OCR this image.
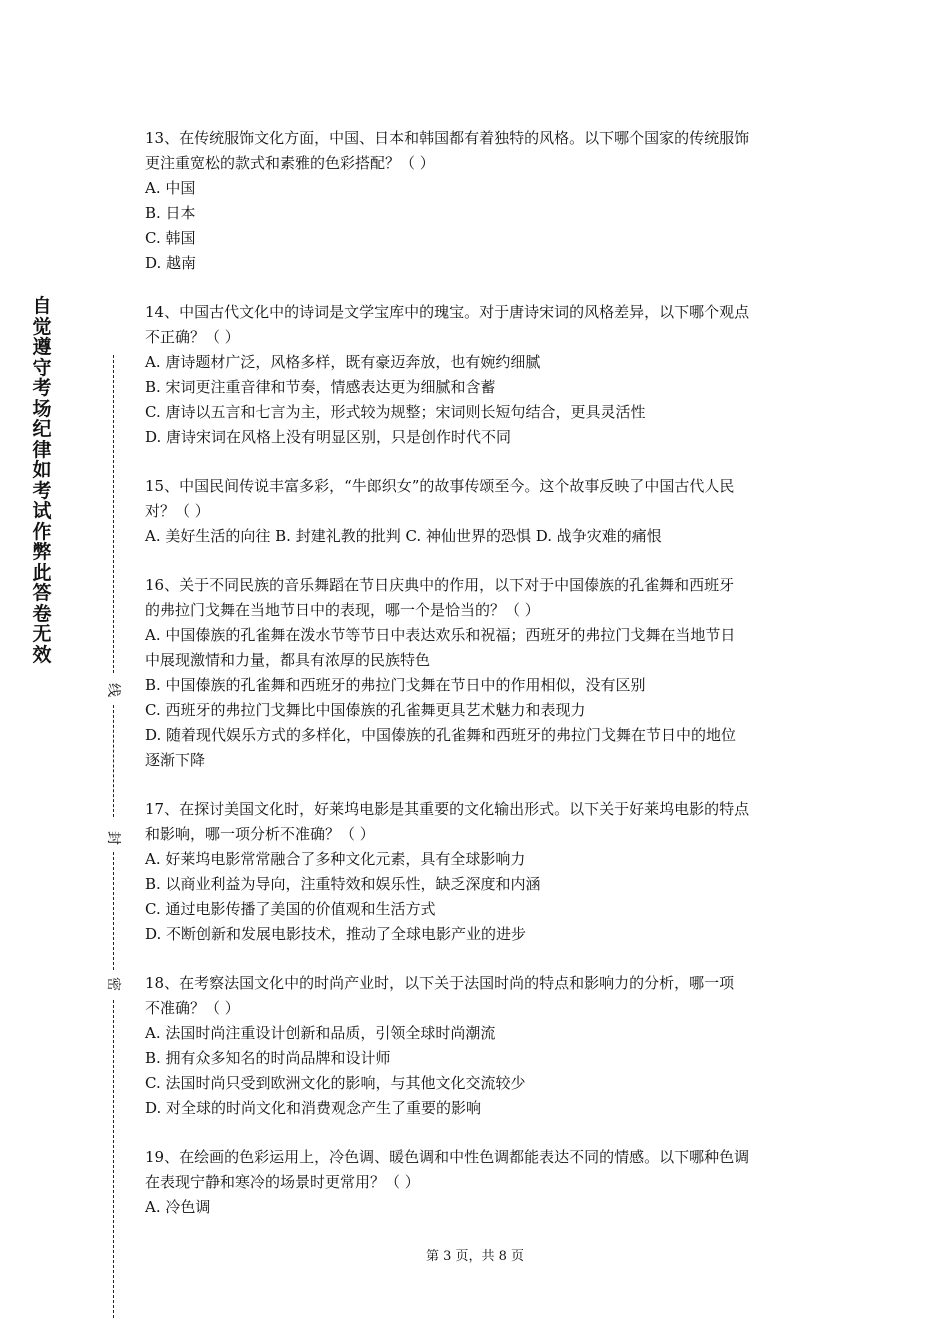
自觉遵守考场纪律如考试作弊此答卷无效
线
封
密
13、在传统服饰文化方面，中国、日本和韩国都有着独特的风格。以下哪个国家的传统服饰
更注重宽松的款式和素雅的色彩搭配？（ ）
A. 中国
B. 日本
C. 韩国
D. 越南
14、中国古代文化中的诗词是文学宝库中的瑰宝。对于唐诗宋词的风格差异，以下哪个观点
不正确？（ ）
A. 唐诗题材广泛，风格多样，既有豪迈奔放，也有婉约细腻
B. 宋词更注重音律和节奏，情感表达更为细腻和含蓄
C. 唐诗以五言和七言为主，形式较为规整；宋词则长短句结合，更具灵活性
D. 唐诗宋词在风格上没有明显区别，只是创作时代不同
15、中国民间传说丰富多彩，“牛郎织女”的故事传颂至今。这个故事反映了中国古代人民
对？（ ）
A. 美好生活的向往 B. 封建礼教的批判 C. 神仙世界的恐惧 D. 战争灾难的痛恨
16、关于不同民族的音乐舞蹈在节日庆典中的作用，以下对于中国傣族的孔雀舞和西班牙
的弗拉门戈舞在当地节日中的表现，哪一个是恰当的？（ ）
A. 中国傣族的孔雀舞在泼水节等节日中表达欢乐和祝福；西班牙的弗拉门戈舞在当地节日
中展现激情和力量，都具有浓厚的民族特色
B. 中国傣族的孔雀舞和西班牙的弗拉门戈舞在节日中的作用相似，没有区别
C. 西班牙的弗拉门戈舞比中国傣族的孔雀舞更具艺术魅力和表现力
D. 随着现代娱乐方式的多样化，中国傣族的孔雀舞和西班牙的弗拉门戈舞在节日中的地位
逐渐下降
17、在探讨美国文化时，好莱坞电影是其重要的文化输出形式。以下关于好莱坞电影的特点
和影响，哪一项分析不准确？（ ）
A. 好莱坞电影常常融合了多种文化元素，具有全球影响力
B. 以商业利益为导向，注重特效和娱乐性，缺乏深度和内涵
C. 通过电影传播了美国的价值观和生活方式
D. 不断创新和发展电影技术，推动了全球电影产业的进步
18、在考察法国文化中的时尚产业时，以下关于法国时尚的特点和影响力的分析，哪一项
不准确？（ ）
A. 法国时尚注重设计创新和品质，引领全球时尚潮流
B. 拥有众多知名的时尚品牌和设计师
C. 法国时尚只受到欧洲文化的影响，与其他文化交流较少
D. 对全球的时尚文化和消费观念产生了重要的影响
19、在绘画的色彩运用上，冷色调、暖色调和中性色调都能表达不同的情感。以下哪种色调
在表现宁静和寒冷的场景时更常用？（ ）
A. 冷色调
第 3 页，共 8 页
